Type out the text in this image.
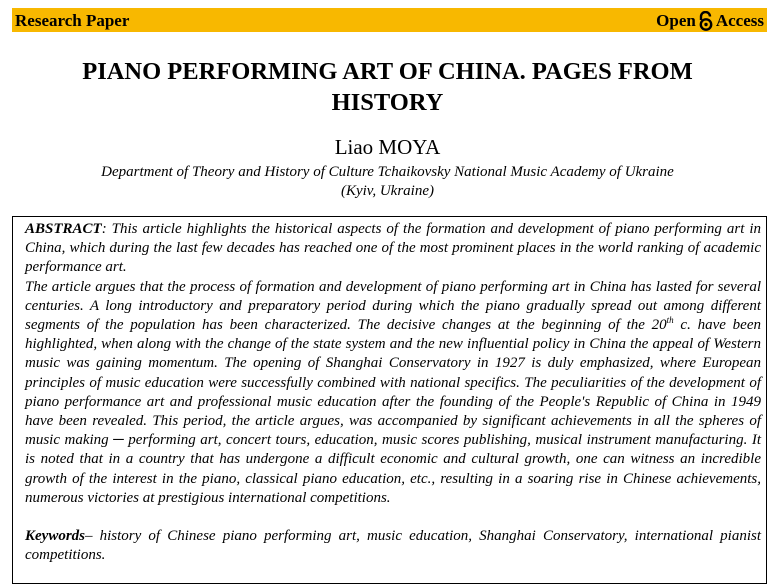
Research Paper	Open Access
PIANO PERFORMING ART OF CHINA. PAGES FROM HISTORY
Liao MOYA
Department of Theory and History of Culture Tchaikovsky National Music Academy of Ukraine
(Kyiv, Ukraine)

ABSTRACT: This article highlights the historical aspects of the formation and development of piano performing art in China, which during the last few decades has reached one of the most prominent places in the world ranking of academic performance art.

The article argues that the process of formation and development of piano performing art in China has lasted for several centuries. A long introductory and preparatory period during which the piano gradually spread out among different segments of the population has been characterized. The decisive changes at the beginning of the 20th c. have been highlighted, when along with the change of the state system and the new influential policy in China the appeal of Western music was gaining momentum. The opening of Shanghai Conservatory in 1927 is duly emphasized, where European principles of music education were successfully combined with national specifics. The peculiarities of the development of piano performance art and professional music education after the founding of the People's Republic of China in 1949 have been revealed. This period, the article argues, was accompanied by significant achievements in all the spheres of music making ─ performing art, concert tours, education, music scores publishing, musical instrument manufacturing. It is noted that in a country that has undergone a difficult economic and cultural growth, one can witness an incredible growth of the interest in the piano, classical piano education, etc., resulting in a soaring rise in Chinese achievements, numerous victories at prestigious international competitions.

Keywords– history of Chinese piano performing art, music education, Shanghai Conservatory, international pianist competitions.
